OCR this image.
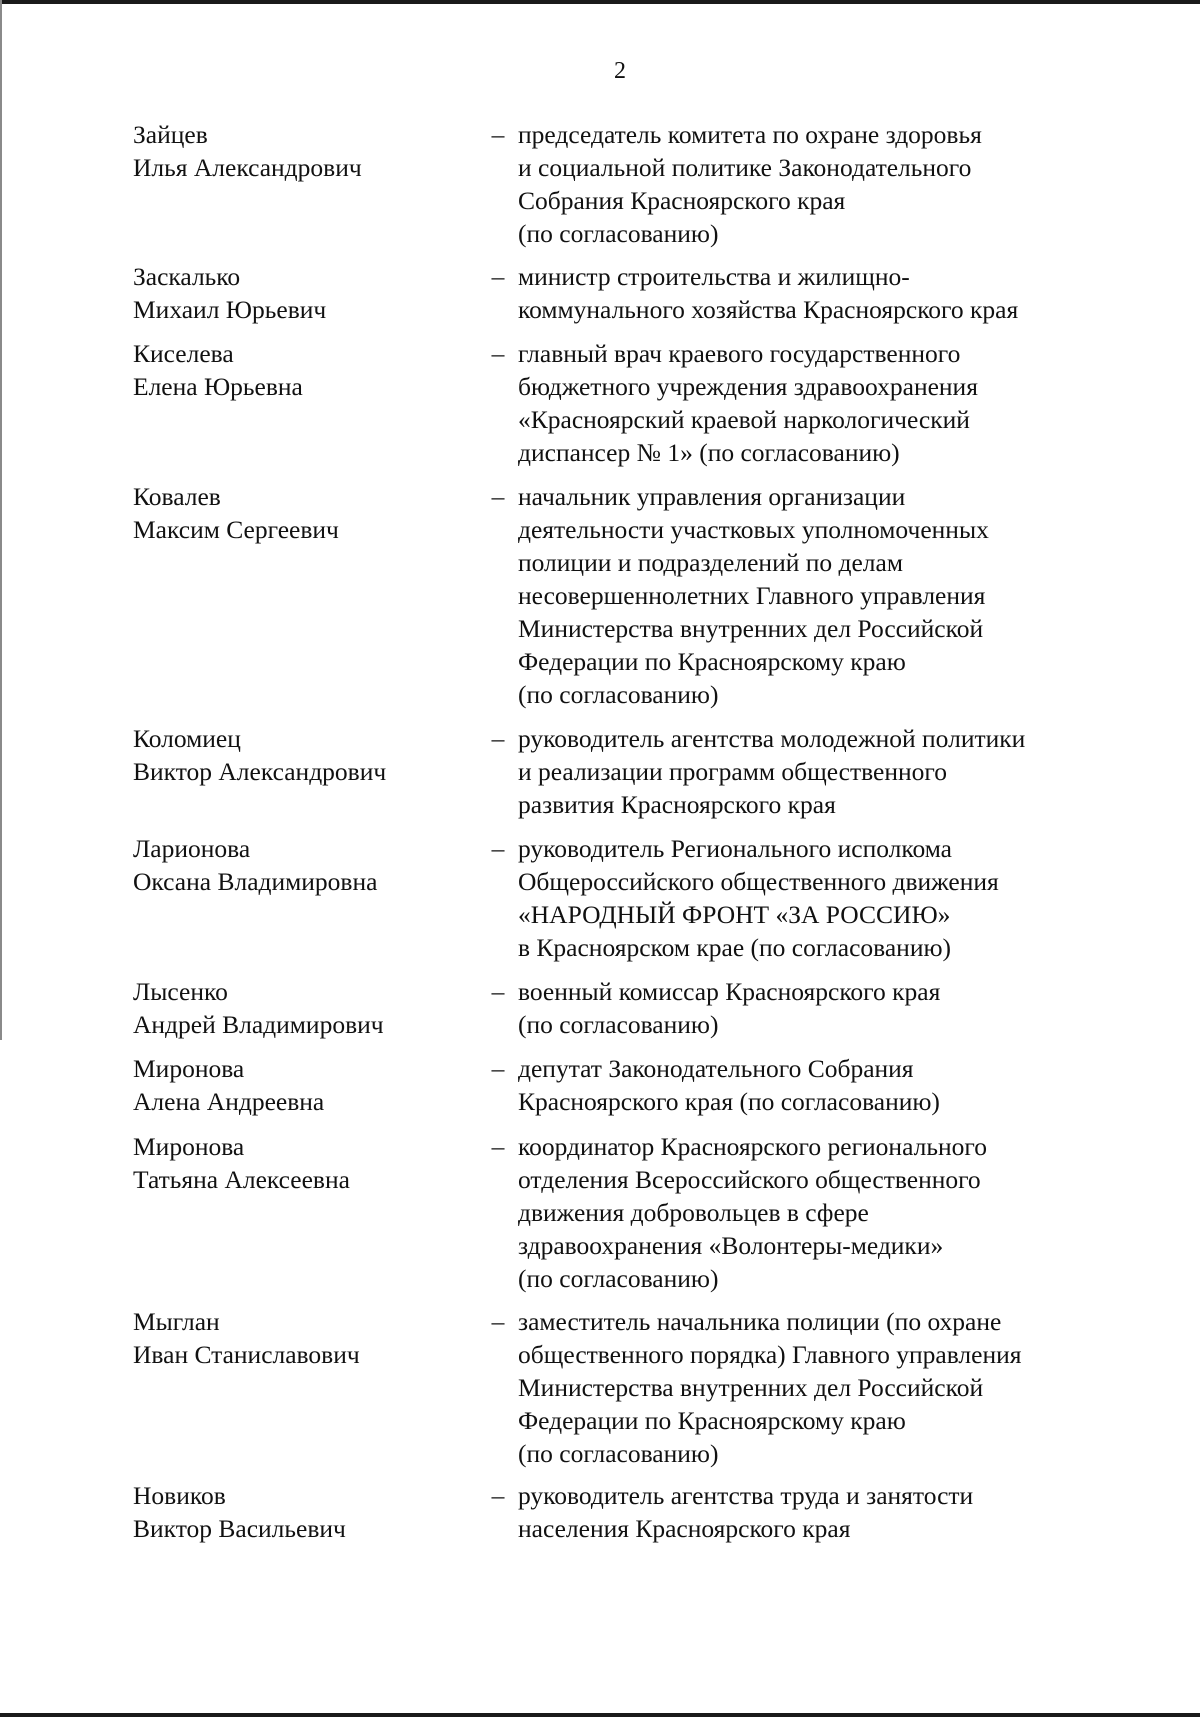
2
Зайцев
Илья Александрович
– председатель комитета по охране здоровья
и социальной политике Законодательного
Собрания Красноярского края
(по согласованию)
Заскалько
Михаил Юрьевич
– министр строительства и жилищно-
коммунального хозяйства Красноярского края
Киселева
Елена Юрьевна
– главный врач краевого государственного
бюджетного учреждения здравоохранения
«Красноярский краевой наркологический
диспансер № 1» (по согласованию)
Ковалев
Максим Сергеевич
– начальник управления организации
деятельности участковых уполномоченных
полиции и подразделений по делам
несовершеннолетних Главного управления
Министерства внутренних дел Российской
Федерации по Красноярскому краю
(по согласованию)
Коломиец
Виктор Александрович
– руководитель агентства молодежной политики
и реализации программ общественного
развития Красноярского края
Ларионова
Оксана Владимировна
– руководитель Регионального исполкома
Общероссийского общественного движения
«НАРОДНЫЙ ФРОНТ «ЗА РОССИЮ»
в Красноярском крае (по согласованию)
Лысенко
Андрей Владимирович
– военный комиссар Красноярского края
(по согласованию)
Миронова
Алена Андреевна
– депутат Законодательного Собрания
Красноярского края (по согласованию)
Миронова
Татьяна Алексеевна
– координатор Красноярского регионального
отделения Всероссийского общественного
движения добровольцев в сфере
здравоохранения «Волонтеры-медики»
(по согласованию)
Мыглан
Иван Станиславович
– заместитель начальника полиции (по охране
общественного порядка) Главного управления
Министерства внутренних дел Российской
Федерации по Красноярскому краю
(по согласованию)
Новиков
Виктор Васильевич
– руководитель агентства труда и занятости
населения Красноярского края
